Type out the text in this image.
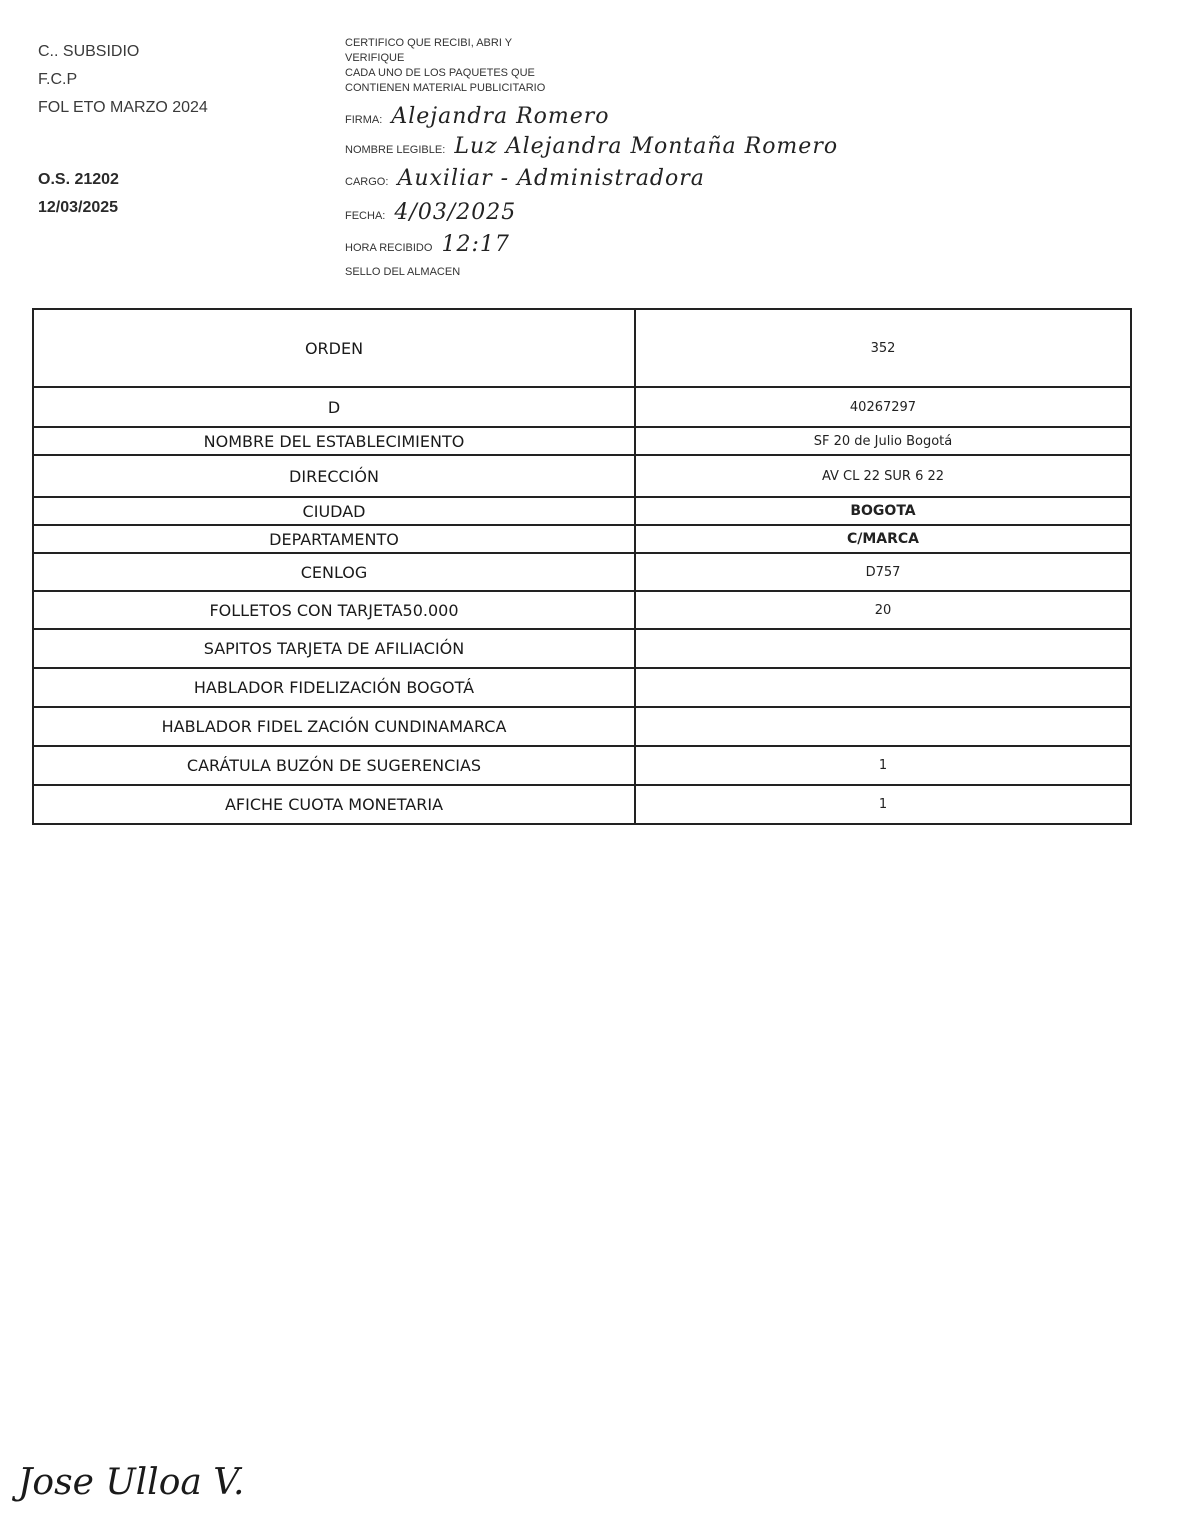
C.. SUBSIDIO
F.C.P
FOL ETO MARZO 2024
O.S. 21202
12/03/2025
CERTIFICO QUE RECIBI, ABRI Y
VERIFIQUE
CADA UNO DE LOS PAQUETES QUE
CONTIENEN MATERIAL PUBLICITARIO
FIRMA: Alejandra Romero
NOMBRE LEGIBLE: Luz Alejandra Montaña Romero
CARGO: Auxiliar - Administradora
FECHA: 4/03/2025
HORA RECIBIDO 12:17
SELLO DEL ALMACEN
ORDEN	352
D	40267297
NOMBRE DEL ESTABLECIMIENTO	SF 20 de Julio Bogotá
DIRECCIÓN	AV CL 22 SUR 6 22
CIUDAD	BOGOTA
DEPARTAMENTO	C/MARCA
CENLOG	D757
FOLLETOS CON TARJETA50.000	20
SAPITOS TARJETA DE AFILIACIÓN	
HABLADOR FIDELIZACIÓN BOGOTÁ	
HABLADOR FIDEL ZACIÓN CUNDINAMARCA	
CARÁTULA BUZÓN DE SUGERENCIAS	1
AFICHE CUOTA MONETARIA	1
Jose Ulloa V.
